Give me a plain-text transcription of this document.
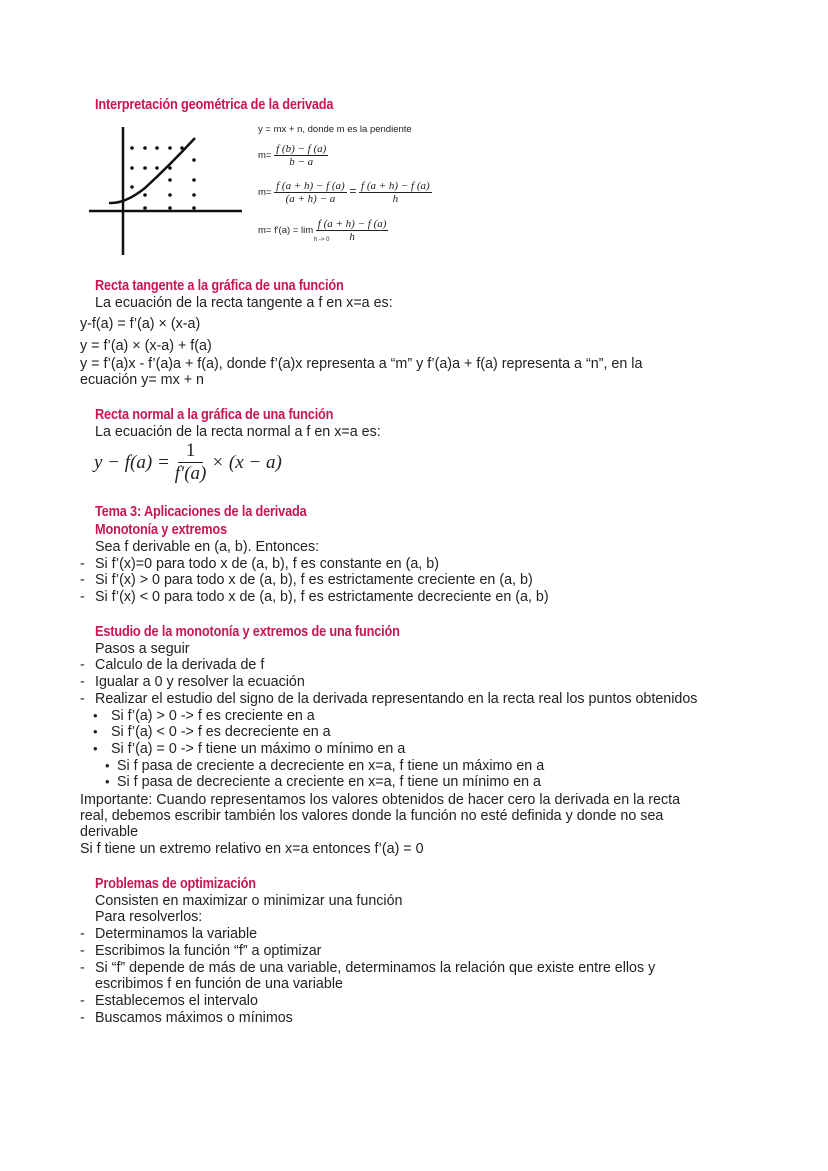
Interpretación geométrica de la derivada
y = mx + n, donde m es la pendiente
$m= \frac{f (b) - f (a)}{b - a}$
$m= \frac{f (a + h) - f (a)}{(a + h) - a} = \frac{f (a + h) - f (a)}{h}$
m= f'(a) = lim
h -> 0

$\frac{f (a + h) - f (a)}{h}$
Recta tangente a la gráfica de una función
La ecuación de la recta tangente a f en x=a es:
y-f(a) = f’(a) × (x-a)
y = f’(a) × (x-a) + f(a)
y = f’(a)x - f’(a)a + f(a), donde f’(a)x representa a “m” y f’(a)a + f(a) representa a “n”, en la
ecuación y= mx + n
Recta normal a la gráfica de una función
La ecuación de la recta normal a f en x=a es:
$y - f(a) = \frac{1}{f'(a)} \times (x - a)$
Tema 3: Aplicaciones de la derivada
Monotonía y extremos
Sea f derivable en (a, b). Entonces:
- Si f’(x)=0 para todo x de (a, b), f es constante en (a, b)
- Si f’(x) > 0 para todo x de (a, b), f es estrictamente creciente en (a, b)
- Si f’(x) < 0 para todo x de (a, b), f es estrictamente decreciente en (a, b)
Estudio de la monotonía y extremos de una función
Pasos a seguir
- Calculo de la derivada de f
- Igualar a 0 y resolver la ecuación
- Realizar el estudio del signo de la derivada representando en la recta real los puntos obtenidos
• Si f’(a) > 0 -> f es creciente en a
• Si f’(a) < 0 -> f es decreciente en a
• Si f’(a) = 0 -> f tiene un máximo o mínimo en a
• Si f pasa de creciente a decreciente en x=a, f tiene un máximo en a
• Si f pasa de decreciente a creciente en x=a, f tiene un mínimo en a
Importante: Cuando representamos los valores obtenidos de hacer cero la derivada en la recta
real, debemos escribir también los valores donde la función no esté definida y donde no sea
derivable
Si f tiene un extremo relativo en x=a entonces f’(a) = 0
Problemas de optimización
Consisten en maximizar o minimizar una función
Para resolverlos:
- Determinamos la variable
- Escribimos la función “f” a optimizar
- Si “f” depende de más de una variable, determinamos la relación que existe entre ellos y
escribimos f en función de una variable
- Establecemos el intervalo
- Buscamos máximos o mínimos
